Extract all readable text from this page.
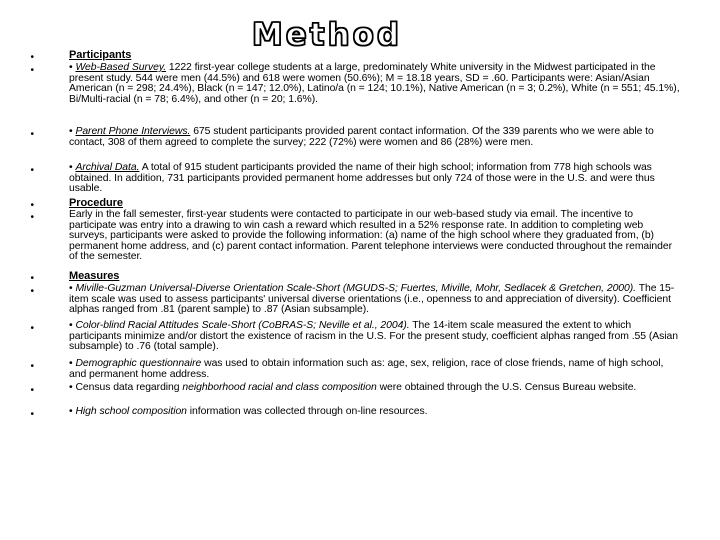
Method
•	Participants
•	• Web-Based Survey. 1222 first-year college students at a large, predominately White university in the Midwest participated in the present study. 544 were men (44.5%) and 618 were women (50.6%); M = 18.18 years, SD = .60. Participants were: Asian/Asian American (n = 298; 24.4%), Black (n = 147; 12.0%), Latino/a (n = 124; 10.1%), Native American (n = 3; 0.2%), White (n = 551; 45.1%), Bi/Multi-racial (n = 78; 6.4%), and other (n = 20; 1.6%).
•	• Parent Phone Interviews. 675 student participants provided parent contact information. Of the 339 parents who we were able to contact, 308 of them agreed to complete the survey; 222 (72%) were women and 86 (28%) were men.
•	• Archival Data. A total of 915 student participants provided the name of their high school; information from 778 high schools was obtained. In addition, 731 participants provided permanent home addresses but only 724 of those were in the U.S. and were thus usable.
•	Procedure
•	Early in the fall semester, first-year students were contacted to participate in our web-based study via email. The incentive to participate was entry into a drawing to win cash a reward which resulted in a 52% response rate. In addition to completing web surveys, participants were asked to provide the following information: (a) name of the high school where they graduated from, (b) permanent home address, and (c) parent contact information. Parent telephone interviews were conducted throughout the remainder of the semester.
•	Measures
•	• Miville-Guzman Universal-Diverse Orientation Scale-Short (MGUDS-S; Fuertes, Miville, Mohr, Sedlacek & Gretchen, 2000). The 15-item scale was used to assess participants' universal diverse orientations (i.e., openness to and appreciation of diversity). Coefficient alphas ranged from .81 (parent sample) to .87 (Asian subsample).
•	• Color-blind Racial Attitudes Scale-Short (CoBRAS-S; Neville et al., 2004). The 14-item scale measured the extent to which participants minimize and/or distort the existence of racism in the U.S. For the present study, coefficient alphas ranged from .55 (Asian subsample) to .76 (total sample).
•	• Demographic questionnaire was used to obtain information such as: age, sex, religion, race of close friends, name of high school, and permanent home address.
•	• Census data regarding neighborhood racial and class composition were obtained through the U.S. Census Bureau website.
•	• High school composition information was collected through on-line resources.
